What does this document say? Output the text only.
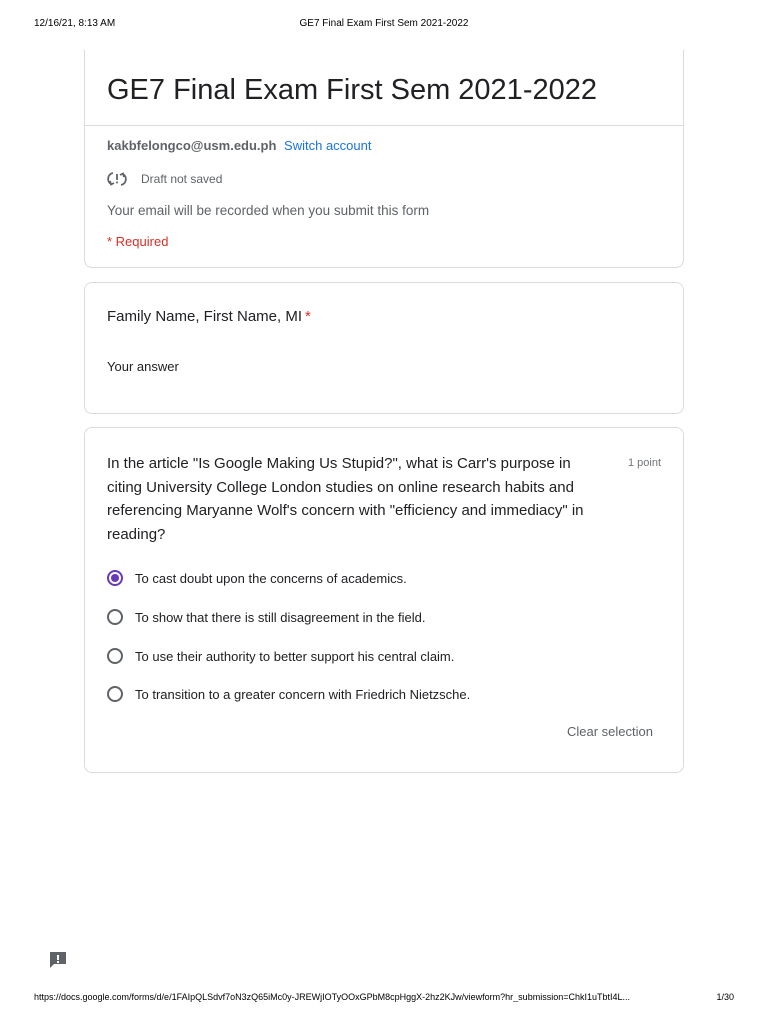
12/16/21, 8:13 AM	GE7 Final Exam First Sem 2021-2022
GE7 Final Exam First Sem 2021-2022
kakbfelongco@usm.edu.ph Switch account
Draft not saved
Your email will be recorded when you submit this form
* Required
Family Name, First Name, MI *
Your answer
In the article "Is Google Making Us Stupid?", what is Carr's purpose in citing University College London studies on online research habits and referencing Maryanne Wolf's concern with "efficiency and immediacy" in reading?
1 point
To cast doubt upon the concerns of academics.
To show that there is still disagreement in the field.
To use their authority to better support his central claim.
To transition to a greater concern with Friedrich Nietzsche.
Clear selection
https://docs.google.com/forms/d/e/1FAIpQLSdvf7oN3zQ65iMc0y-JREWjIOTyOOxGPbM8cpHggX-2hz2KJw/viewform?hr_submission=ChkI1uTbtI4L...	1/30
